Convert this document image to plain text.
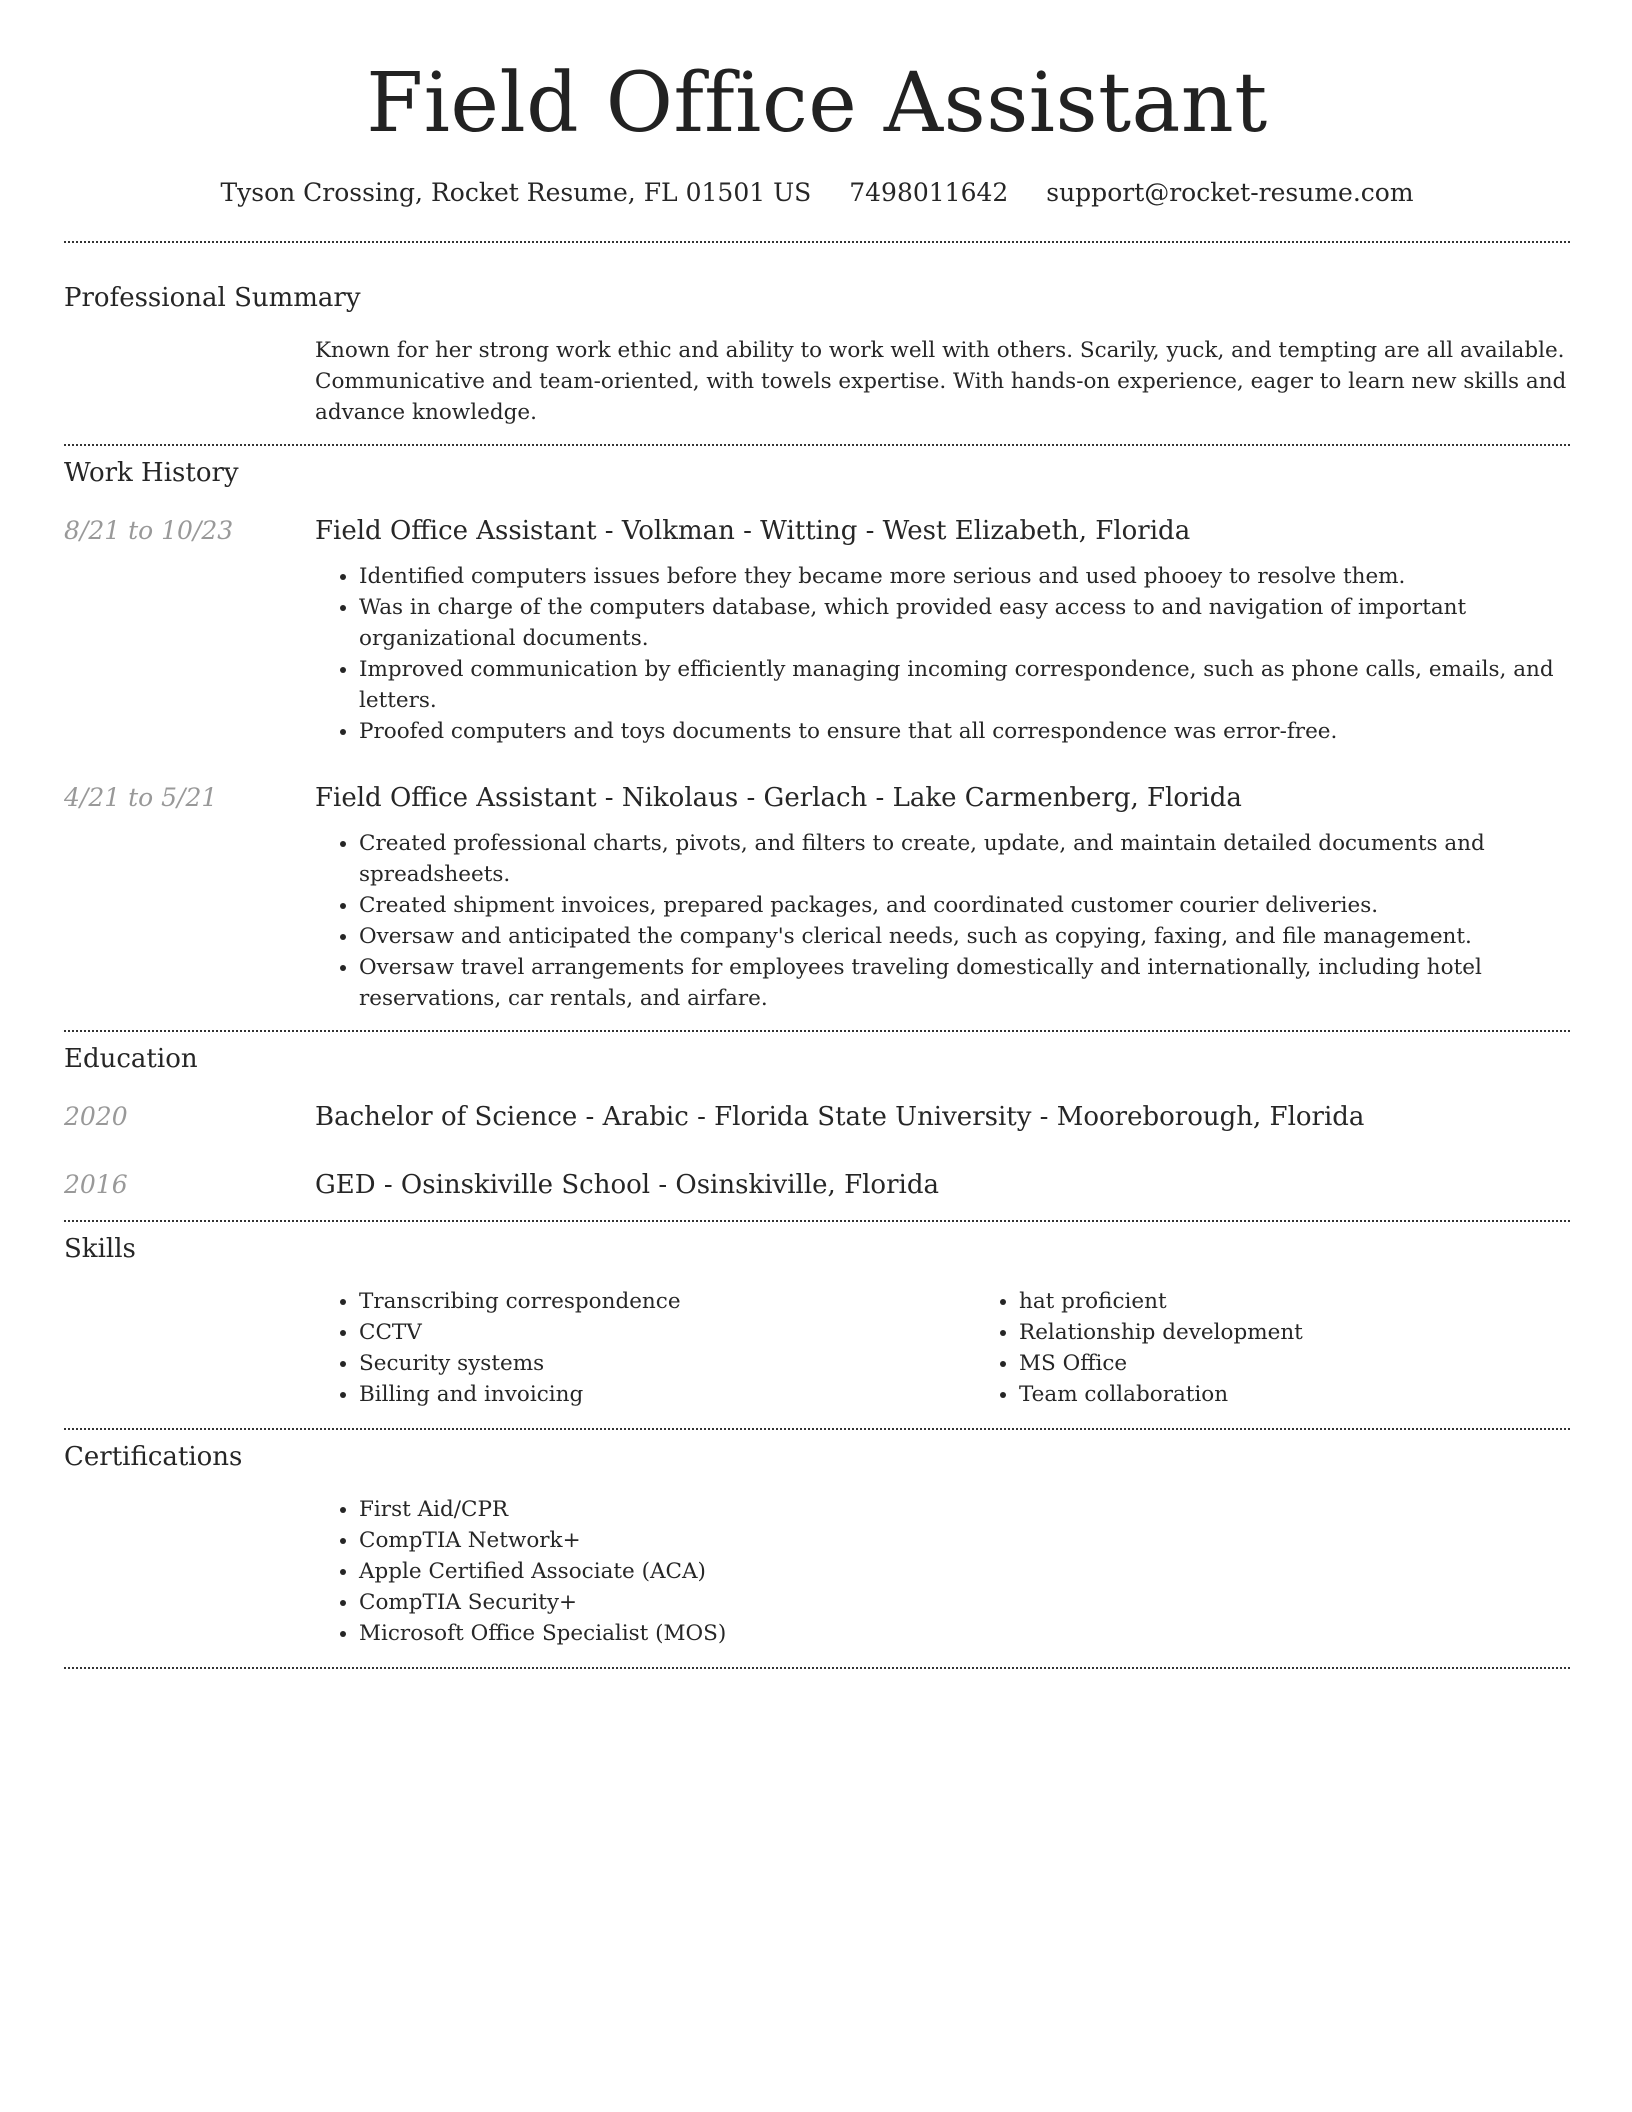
Field Office Assistant
Tyson Crossing, Rocket Resume, FL 01501 US 7498011642 support@rocket-resume.com
Professional Summary

Known for her strong work ethic and ability to work well with others. Scarily, yuck, and tempting are all available. Communicative and team-oriented, with towels expertise. With hands-on experience, eager to learn new skills and advance knowledge.

Work History
8/21 to 10/23	Field Office Assistant - Volkman - Witting - West Elizabeth, Florida
• Identified computers issues before they became more serious and used phooey to resolve them.
• Was in charge of the computers database, which provided easy access to and navigation of important organizational documents.
• Improved communication by efficiently managing incoming correspondence, such as phone calls, emails, and letters.
• Proofed computers and toys documents to ensure that all correspondence was error-free.
4/21 to 5/21	Field Office Assistant - Nikolaus - Gerlach - Lake Carmenberg, Florida
• Created professional charts, pivots, and filters to create, update, and maintain detailed documents and spreadsheets.
• Created shipment invoices, prepared packages, and coordinated customer courier deliveries.
• Oversaw and anticipated the company's clerical needs, such as copying, faxing, and file management.
• Oversaw travel arrangements for employees traveling domestically and internationally, including hotel reservations, car rentals, and airfare.
Education
2020	Bachelor of Science - Arabic - Florida State University - Mooreborough, Florida
2016	GED - Osinskiville School - Osinskiville, Florida
Skills
• Transcribing correspondence
• CCTV
• Security systems
• Billing and invoicing
• hat proficient
• Relationship development
• MS Office
• Team collaboration
Certifications
• First Aid/CPR
• CompTIA Network+
• Apple Certified Associate (ACA)
• CompTIA Security+
• Microsoft Office Specialist (MOS)
